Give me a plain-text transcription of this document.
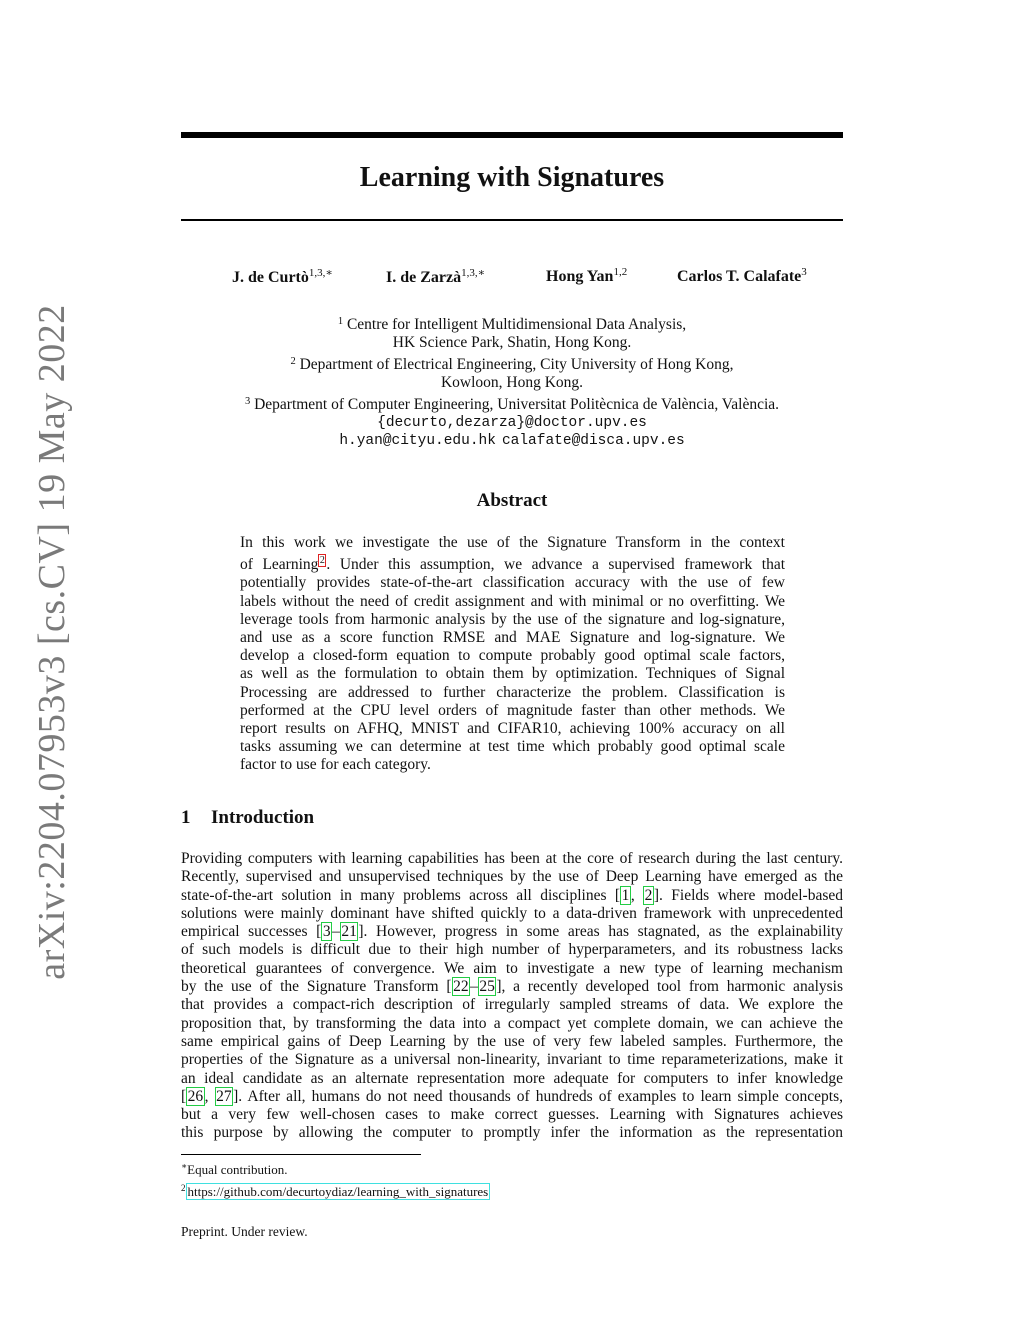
arXiv:2204.07953v3 [cs.CV] 19 May 2022
Learning with Signatures
J. de Curtò$^{1,3,∗}$	I. de Zarzà$^{1,3,∗}$	Hong Yan$^{1,2}$	Carlos T. Calafate$^3$
$^1$ Centre for Intelligent Multidimensional Data Analysis,
HK Science Park, Shatin, Hong Kong.
$^2$ Department of Electrical Engineering, City University of Hong Kong,
Kowloon, Hong Kong.
$^3$ Department of Computer Engineering, Universitat Politècnica de València, València.
{decurto,dezarza}@doctor.upv.es
h.yan@cityu.edu.hk calafate@disca.upv.es
Abstract
In this work we investigate the use of the Signature Transform in the context
of Learning $^2$. Under this assumption, we advance a supervised framework that
potentially provides state-of-the-art classification accuracy with the use of few
labels without the need of credit assignment and with minimal or no overfitting. We
leverage tools from harmonic analysis by the use of the signature and log-signature,
and use as a score function RMSE and MAE Signature and log-signature. We
develop a closed-form equation to compute probably good optimal scale factors,
as well as the formulation to obtain them by optimization. Techniques of Signal
Processing are addressed to further characterize the problem. Classification is
performed at the CPU level orders of magnitude faster than other methods. We
report results on AFHQ, MNIST and CIFAR10, achieving 100% accuracy on all
tasks assuming we can determine at test time which probably good optimal scale
factor to use for each category.
1 Introduction
Providing computers with learning capabilities has been at the core of research during the last century.
Recently, supervised and unsupervised techniques by the use of Deep Learning have emerged as the
state-of-the-art solution in many problems across all disciplines [1, 2]. Fields where model-based
solutions were mainly dominant have shifted quickly to a data-driven framework with unprecedented
empirical successes [3–21]. However, progress in some areas has stagnated, as the explainability
of such models is difficult due to their high number of hyperparameters, and its robustness lacks
theoretical guarantees of convergence. We aim to investigate a new type of learning mechanism
by the use of the Signature Transform [22–25], a recently developed tool from harmonic analysis
that provides a compact-rich description of irregularly sampled streams of data. We explore the
proposition that, by transforming the data into a compact yet complete domain, we can achieve the
same empirical gains of Deep Learning by the use of very few labeled samples. Furthermore, the
properties of the Signature as a universal non-linearity, invariant to time reparameterizations, make it
an ideal candidate as an alternate representation more adequate for computers to infer knowledge
[26, 27]. After all, humans do not need thousands of hundreds of examples to learn simple concepts,
but a very few well-chosen cases to make correct guesses. Learning with Signatures achieves
this purpose by allowing the computer to promptly infer the information as the representation
∗Equal contribution.
$^2$ https://github.com/decurtoydiaz/learning_with_signatures
Preprint. Under review.
